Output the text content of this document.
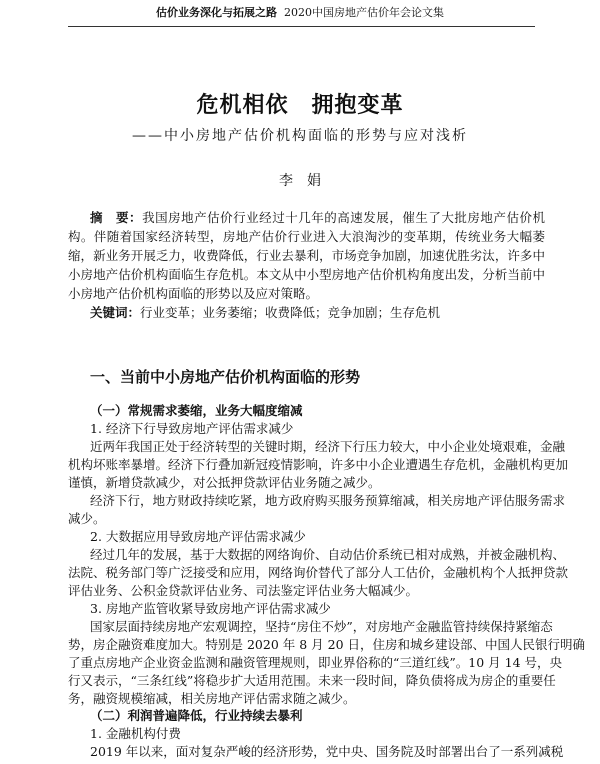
估价业务深化与拓展之路 2020中国房地产估价年会论文集
危机相依　拥抱变革
——中小房地产估价机构面临的形势与应对浅析
李　娟
摘　要：我国房地产估价行业经过十几年的高速发展，催生了大批房地产估价机
构。伴随着国家经济转型，房地产估价行业进入大浪淘沙的变革期，传统业务大幅萎
缩，新业务开展乏力，收费降低，行业去暴利，市场竞争加剧，加速优胜劣汰，许多中
小房地产估价机构面临生存危机。本文从中小型房地产估价机构角度出发，分析当前中
小房地产估价机构面临的形势以及应对策略。
关键词：行业变革；业务萎缩；收费降低；竞争加剧；生存危机
一、当前中小房地产估价机构面临的形势
（一）常规需求萎缩，业务大幅度缩减
1. 经济下行导致房地产评估需求减少
近两年我国正处于经济转型的关键时期，经济下行压力较大，中小企业处境艰难，金融
机构坏账率暴增。经济下行叠加新冠疫情影响，许多中小企业遭遇生存危机，金融机构更加
谨慎，新增贷款减少，对公抵押贷款评估业务随之减少。
经济下行，地方财政持续吃紧，地方政府购买服务预算缩减，相关房地产评估服务需求
减少。
2. 大数据应用导致房地产评估需求减少
经过几年的发展，基于大数据的网络询价、自动估价系统已相对成熟，并被金融机构、
法院、税务部门等广泛接受和应用，网络询价替代了部分人工估价，金融机构个人抵押贷款
评估业务、公积金贷款评估业务、司法鉴定评估业务大幅减少。
3. 房地产监管收紧导致房地产评估需求减少
国家层面持续房地产宏观调控，坚持“房住不炒”，对房地产金融监管持续保持紧缩态
势，房企融资难度加大。特别是 2020 年 8 月 20 日，住房和城乡建设部、中国人民银行明确
了重点房地产企业资金监测和融资管理规则，即业界俗称的“三道红线”。10 月 14 号，央
行又表示，“三条红线”将稳步扩大适用范围。未来一段时间，降负债将成为房企的重要任
务，融资规模缩减，相关房地产评估需求随之减少。
（二）利润普遍降低，行业持续去暴利
1. 金融机构付费
2019 年以来，面对复杂严峻的经济形势，党中央、国务院及时部署出台了一系列减税
